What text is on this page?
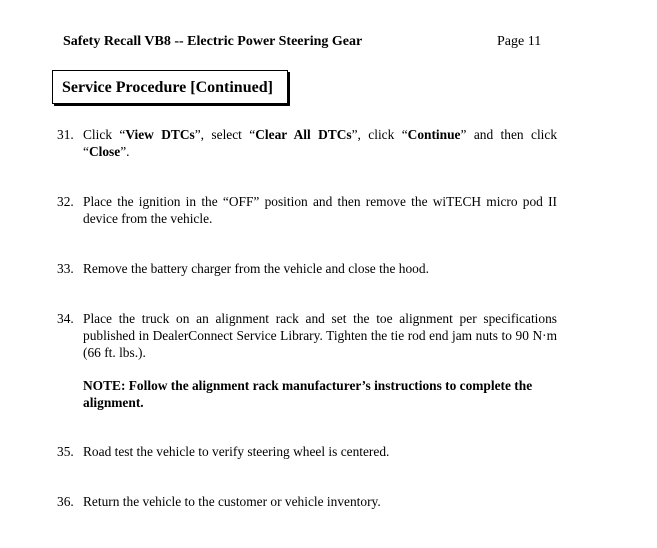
Safety Recall VB8 -- Electric Power Steering Gear	Page 11
Service Procedure [Continued]
31. Click “View DTCs”, select “Clear All DTCs”, click “Continue” and then click “Close”.
32. Place the ignition in the “OFF” position and then remove the wiTECH micro pod II device from the vehicle.
33. Remove the battery charger from the vehicle and close the hood.
34. Place the truck on an alignment rack and set the toe alignment per specifications published in DealerConnect Service Library. Tighten the tie rod end jam nuts to 90 N·m (66 ft. lbs.).
NOTE: Follow the alignment rack manufacturer’s instructions to complete the alignment.
35. Road test the vehicle to verify steering wheel is centered.
36. Return the vehicle to the customer or vehicle inventory.
